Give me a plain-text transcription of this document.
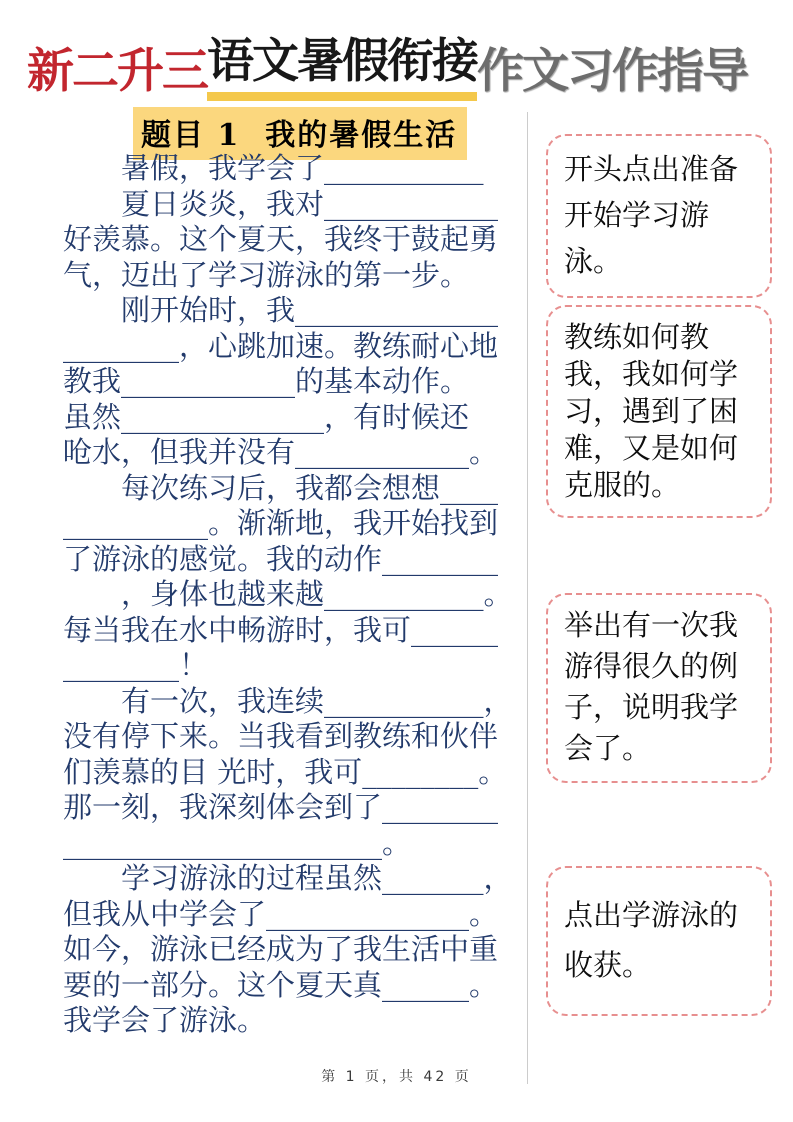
新二升三 语文暑假衔接 作文习作指导
题目 1  我的暑假生活
　　暑假，我学会了___________
　　夏日炎炎，我对____________
好羡慕。这个夏天，我终于鼓起勇
气，迈出了学习游泳的第一步。
　　刚开始时，我______________
________，心跳加速。教练耐心地
教我____________的基本动作。
虽然______________，有时候还
呛水，但我并没有____________。
　　每次练习后，我都会想想____
__________。渐渐地，我开始找到
了游泳的感觉。我的动作________
　　，身体也越来越___________。
每当我在水中畅游时，我可______
________！
　　有一次，我连续___________，
没有停下来。当我看到教练和伙伴
们羡慕的目 光时，我可________。
那一刻，我深刻体会到了________
______________________。
　　学习游泳的过程虽然_______，
但我从中学会了______________。
如今，游泳已经成为了我生活中重
要的一部分。这个夏天真______。
我学会了游泳。
开头点出准备开始学习游泳。
教练如何教我，我如何学习，遇到了困难，又是如何克服的。
举出有一次我游得很久的例子，说明我学会了。
点出学游泳的收获。
第 1 页，共 42 页
